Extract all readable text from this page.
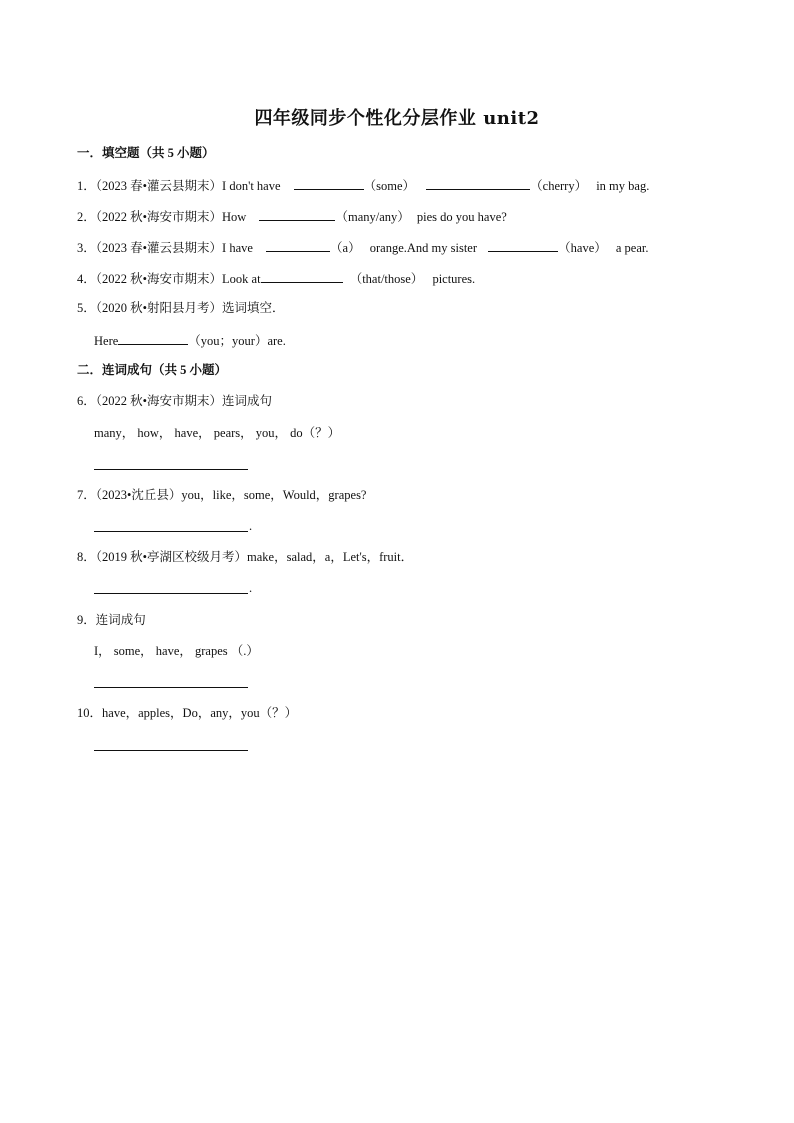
四年级同步个性化分层作业 unit2
一．填空题（共 5 小题）
1．（2023 春•灌云县期末）I don't have	（some）	（cherry） in my bag.
2．（2022 秋•海安市期末）How	（many/any） pies do you have?
3．（2023 春•灌云县期末）I have	（a） orange.And my sister	（have） a pear.
4．（2022 秋•海安市期末）Look at	（that/those） pictures.
5．（2020 秋•射阳县月考）选词填空．
Here	（you；your）are.
二．连词成句（共 5 小题）
6．（2022 秋•海安市期末）连词成句
many， how， have， pears， you， do（？）
7．（2023•沈丘县）you，like，some，Would，grapes?
.
8．（2019 秋•亭湖区校级月考）make，salad，a，Let's，fruit．
.
9．连词成句
I， some， have， grapes （.）
10．have，apples，Do，any，you（？）
